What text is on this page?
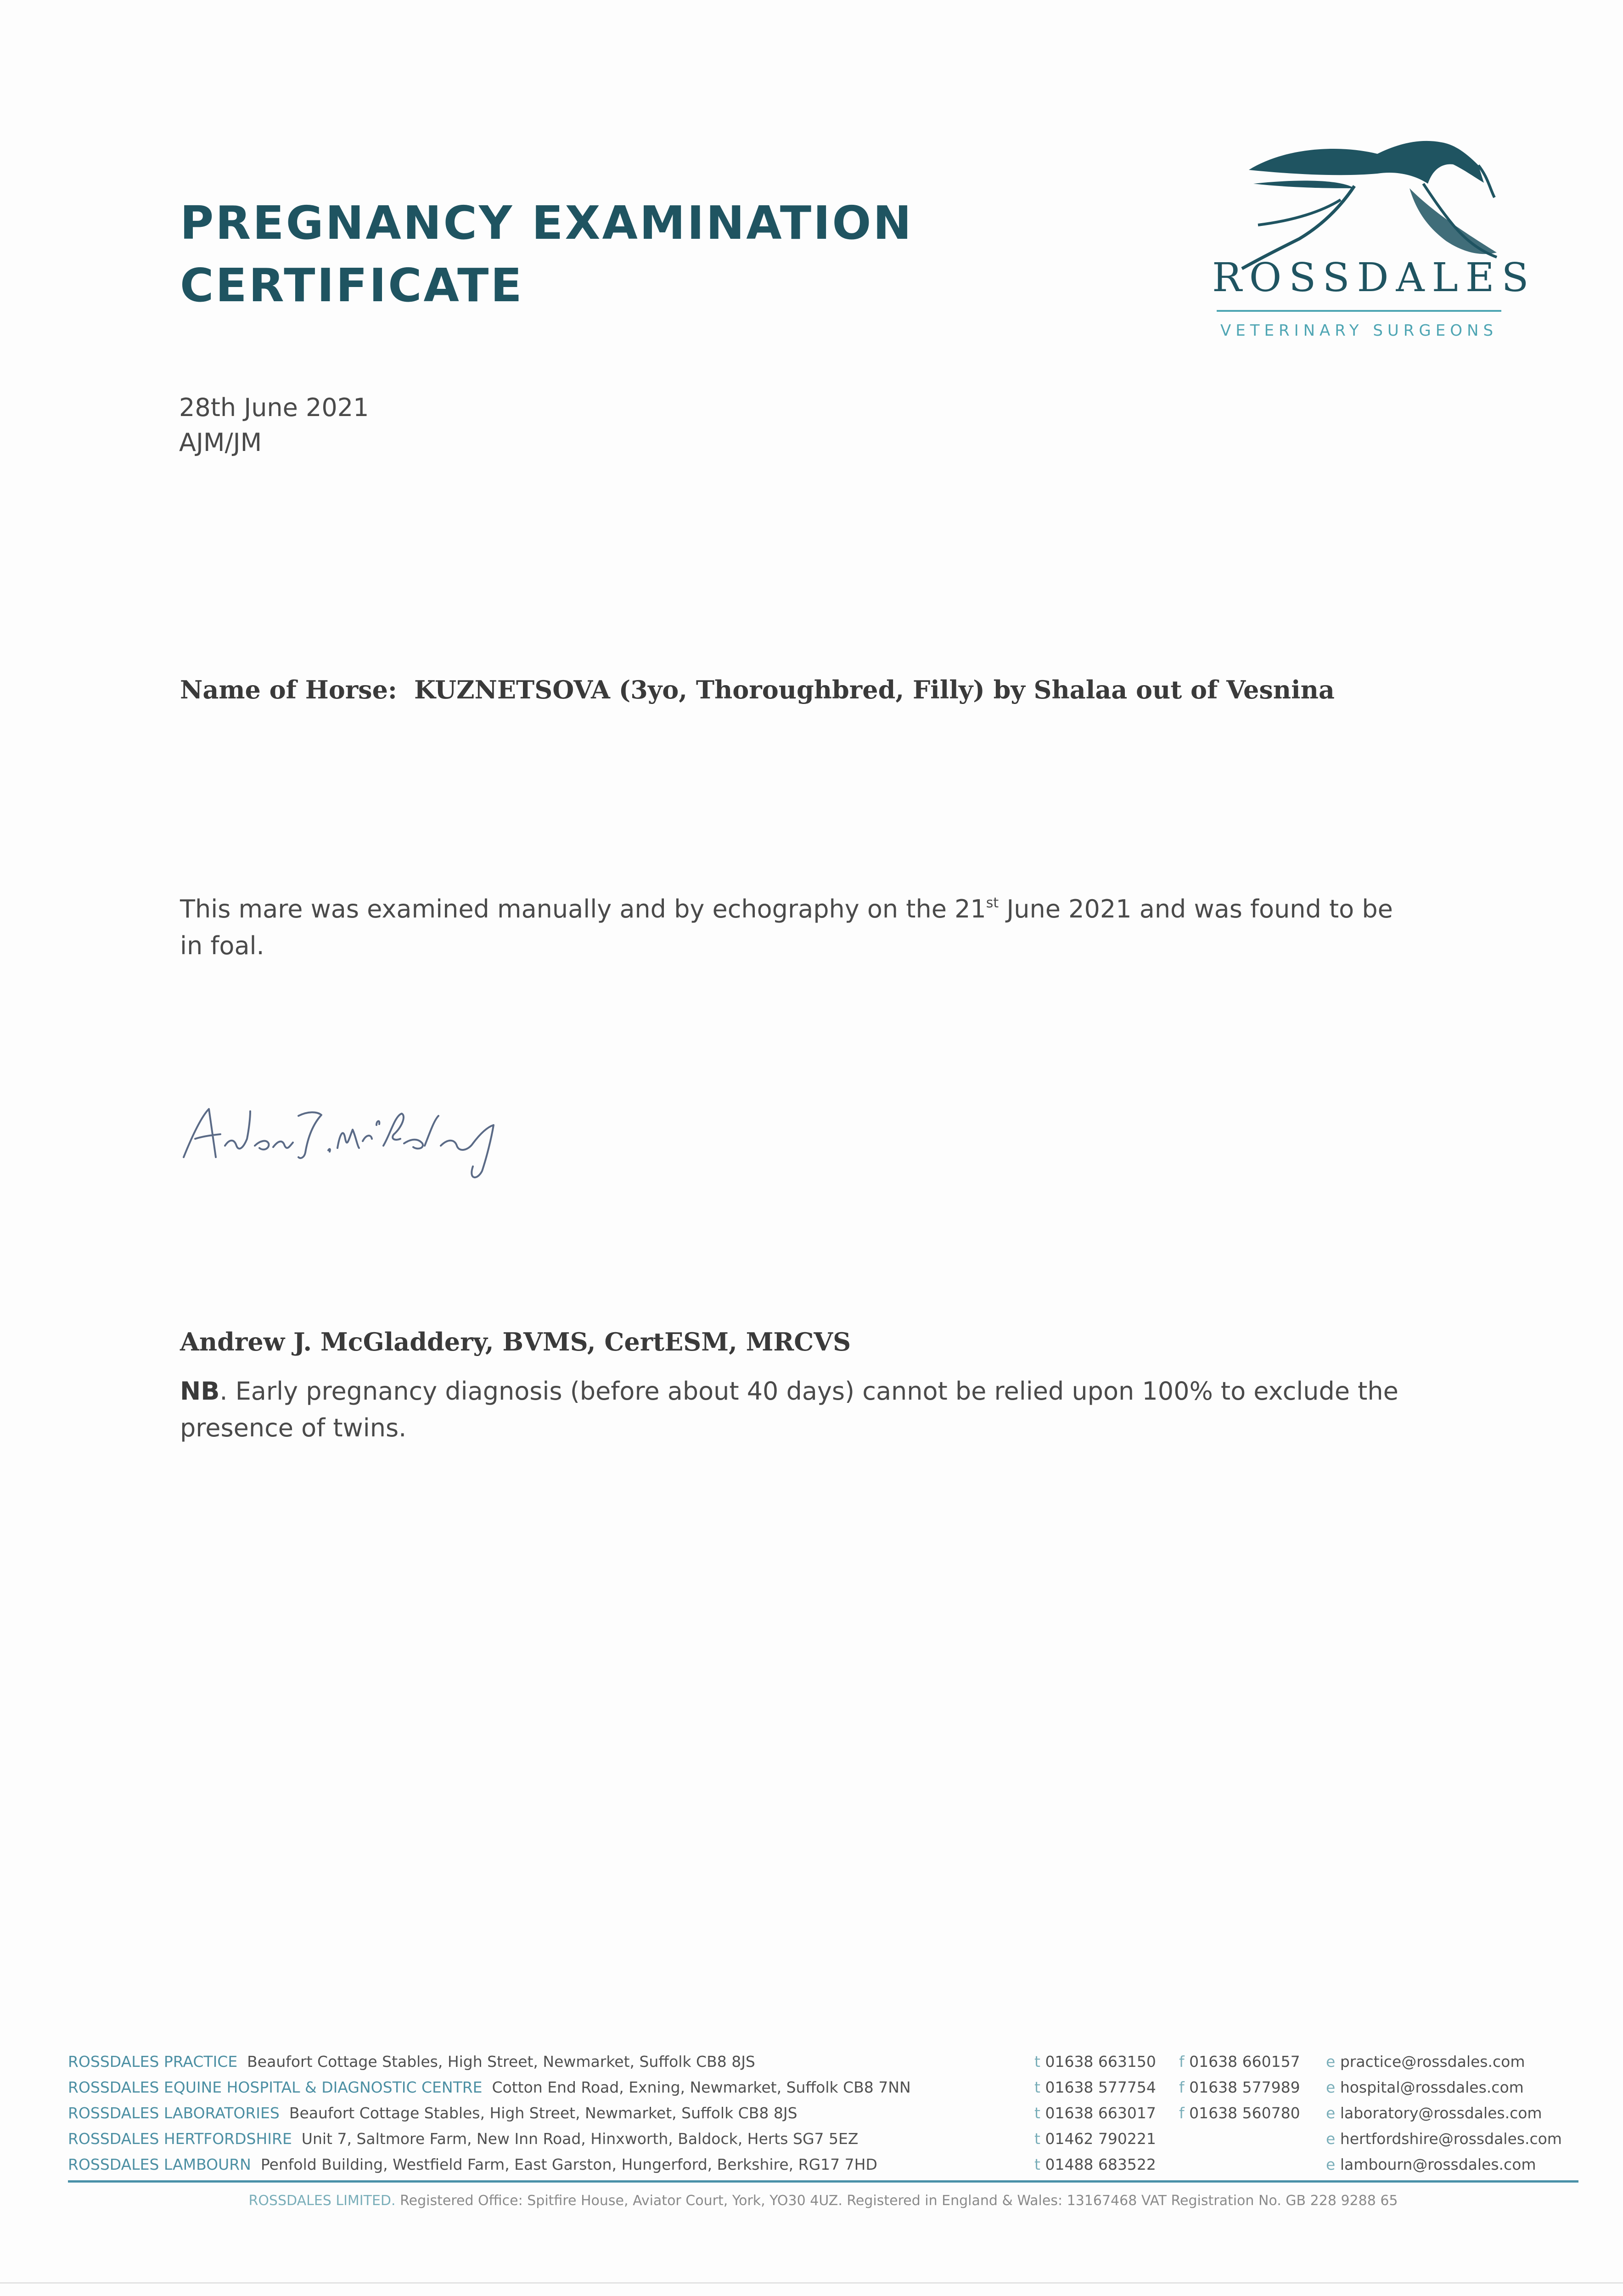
PREGNANCY EXAMINATION
CERTIFICATE	ROSSDALES
VETERINARY SURGEONS
28th June 2021
AJM/JM
Name of Horse: KUZNETSOVA (3yo, Thoroughbred, Filly) by Shalaa out of Vesnina
This mare was examined manually and by echography on the 21st June 2021 and was found to be in foal.
Andrew J. McGladdery, BVMS, CertESM, MRCVS
NB. Early pregnancy diagnosis (before about 40 days) cannot be relied upon 100% to exclude the presence of twins.
ROSSDALES PRACTICE Beaufort Cottage Stables, High Street, Newmarket, Suffolk CB8 8JS	t 01638 663150 f 01638 660157 e practice@rossdales.com
ROSSDALES EQUINE HOSPITAL & DIAGNOSTIC CENTRE Cotton End Road, Exning, Newmarket, Suffolk CB8 7NN	t 01638 577754 f 01638 577989 e hospital@rossdales.com
ROSSDALES LABORATORIES Beaufort Cottage Stables, High Street, Newmarket, Suffolk CB8 8JS	t 01638 663017 f 01638 560780 e laboratory@rossdales.com
ROSSDALES HERTFORDSHIRE Unit 7, Saltmore Farm, New Inn Road, Hinxworth, Baldock, Herts SG7 5EZ	t 01462 790221	e hertfordshire@rossdales.com
ROSSDALES LAMBOURN Penfold Building, Westfield Farm, East Garston, Hungerford, Berkshire, RG17 7HD	t 01488 683522	e lambourn@rossdales.com
ROSSDALES LIMITED. Registered Office: Spitfire House, Aviator Court, York, YO30 4UZ. Registered in England & Wales: 13167468 VAT Registration No. GB 228 9288 65
